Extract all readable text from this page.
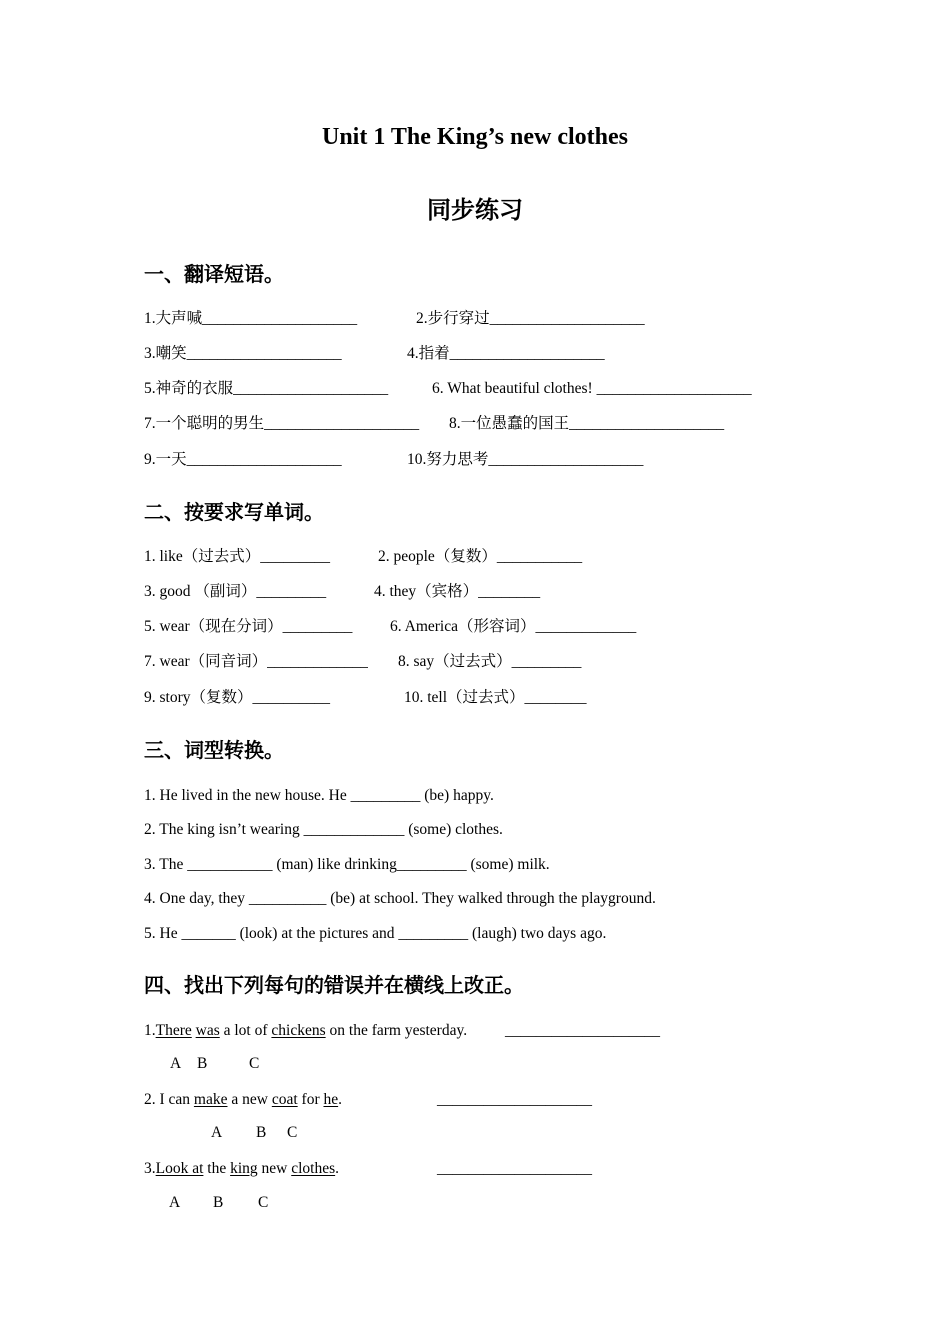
Unit 1 The King’s new clothes
同步练习
一、翻译短语。
1.大声喊____________________	2.步行穿过____________________
3.嘲笑____________________	4.指着____________________
5.神奇的衣服____________________	6. What beautiful clothes! ____________________
7.一个聪明的男生____________________ 8.一位愚蠢的国王____________________
9.一天____________________	10.努力思考____________________
二、按要求写单词。
1. like（过去式）_________	2. people（复数）___________
3. good （副词）_________	4. they（宾格）________
5. wear（现在分词）_________ 6. America（形容词）_____________
7. wear（同音词）_____________ 8. say（过去式）_________
9. story（复数）__________	10. tell（过去式）________
三、词型转换。
1. He lived in the new house. He _________ (be) happy.
2. The king isn’t wearing _____________ (some) clothes.
3. The ___________ (man) like drinking_________ (some) milk.
4. One day, they __________ (be) at school. They walked through the playground.
5. He _______ (look) at the pictures and _________ (laugh) two days ago.
四、找出下列每句的错误并在横线上改正。
1.There was a lot of chickens on the farm yesterday. ____________________
A B	C
2. I can make a new coat for he.	____________________
A B C
3.Look at the king new clothes.	____________________
A B C
